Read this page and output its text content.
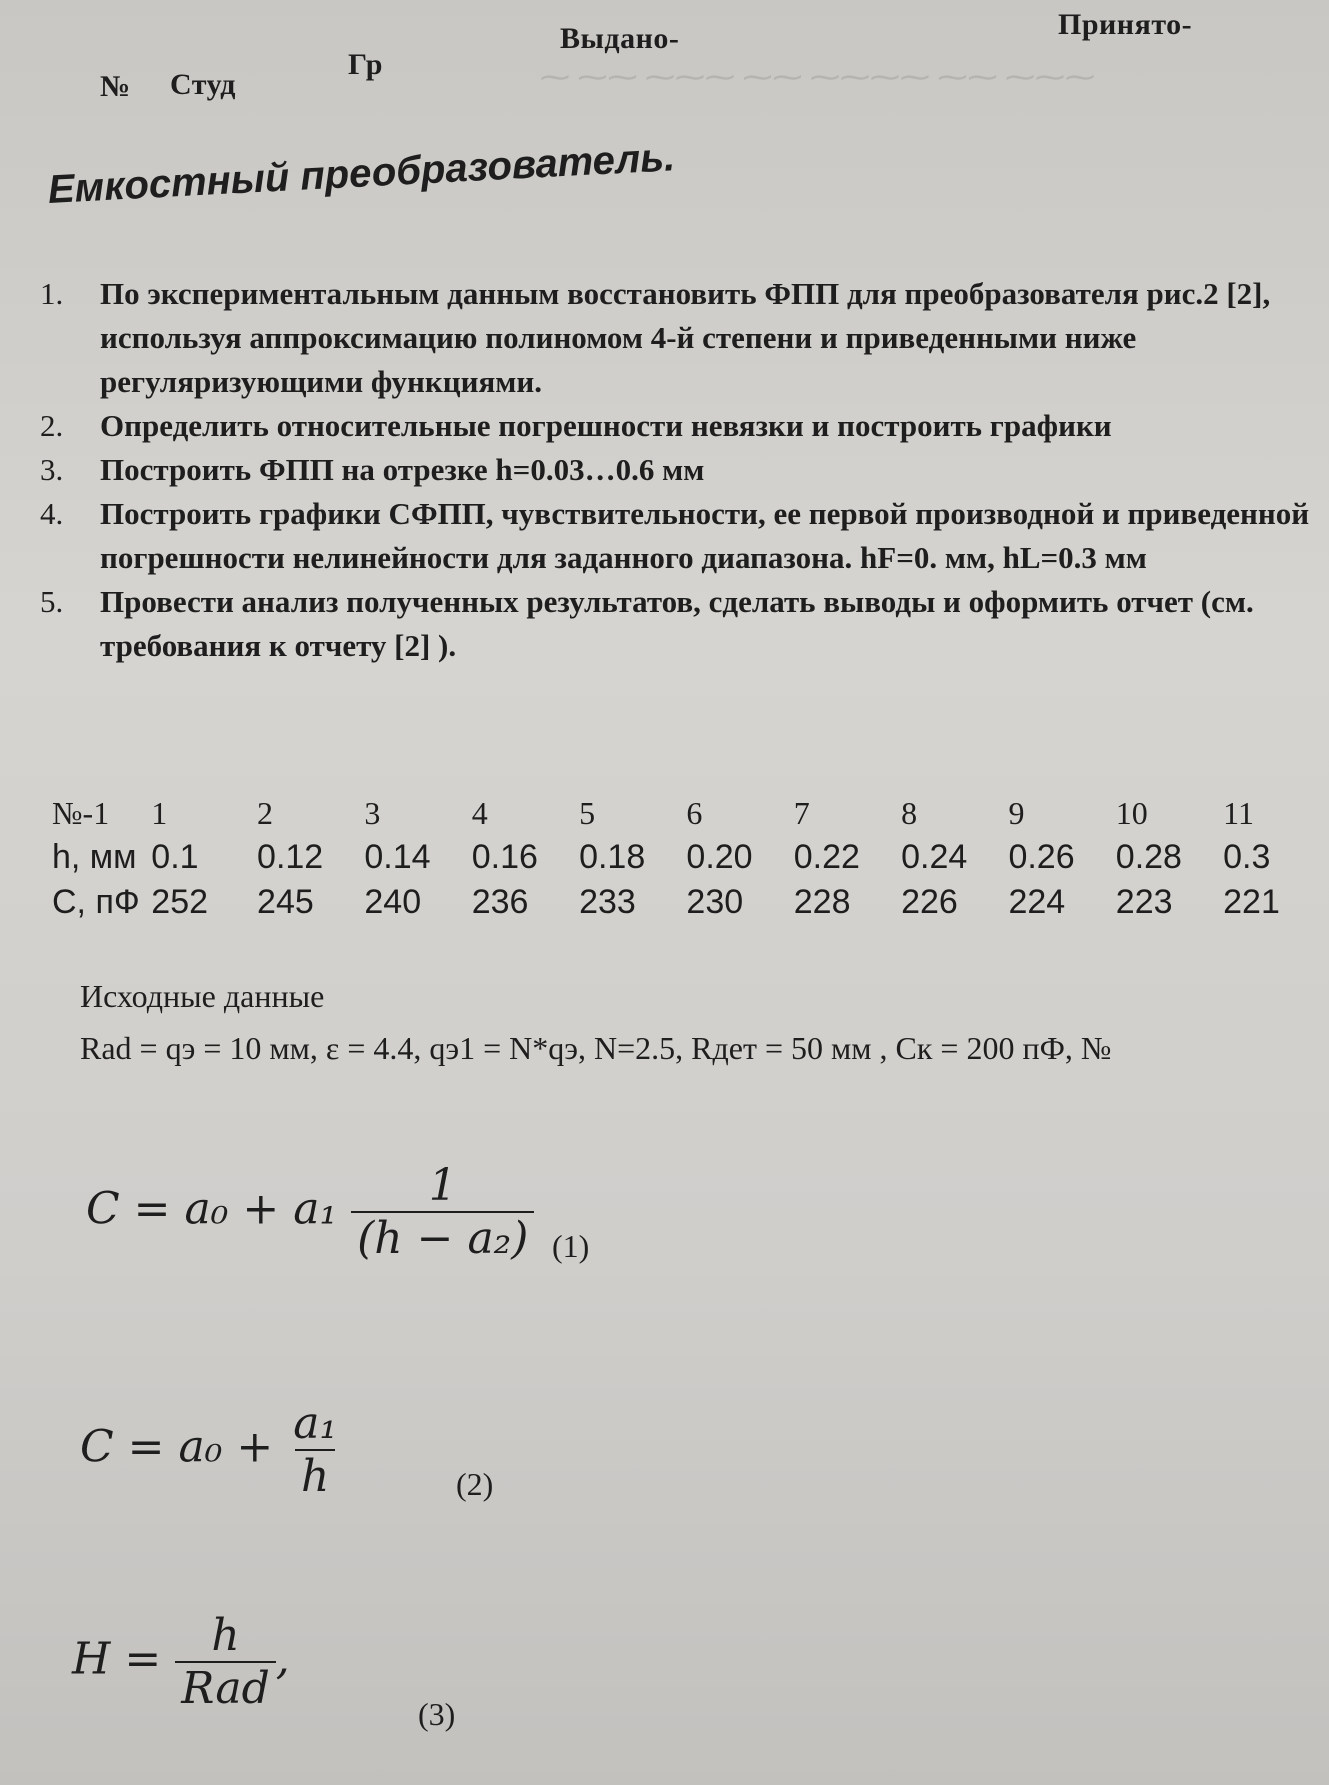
⁓ ⁓⁓ ⁓⁓⁓ ⁓⁓ ⁓⁓⁓⁓ ⁓⁓ ⁓⁓⁓
№ Студ
Гр
Выдано-	Принято-
Емкостный преобразователь.
1. По экспериментальным данным восстановить ФПП для преобразователя рис.2 [2], используя аппроксимацию полиномом 4-й степени и приведенными ниже регуляризующими функциями.
2. Определить относительные погрешности невязки и построить графики
3. Построить ФПП на отрезке h=0.03…0.6 мм
4. Построить графики СФПП, чувствительности, ее первой производной и приведенной погрешности нелинейности для заданного диапазона. hF=0. мм, hL=0.3 мм
5. Провести анализ полученных результатов, сделать выводы и оформить отчет (см. требования к отчету [2] ).
№-1	1	2	3	4	5	6	7	8	9	10	11
h, мм	0.1	0.12	0.14	0.16	0.18	0.20	0.22	0.24	0.26	0.28	0.3
С, пФ	252	245	240	236	233	230	228	226	224	223	221
Исходные данные
Rad = qэ = 10 мм, ε = 4.4, qэ1 = N*qэ, N=2.5, Rдет = 50 мм , Cк = 200 пФ, №
$C = a_0 + a_1 \frac{1}{\text{(h − a₂)}} (1)$
$C = a_0 + \frac{\text{a₁}}{h}$	(2)
$H = \frac{h}{\text{Rad}}$ ,
(3)
